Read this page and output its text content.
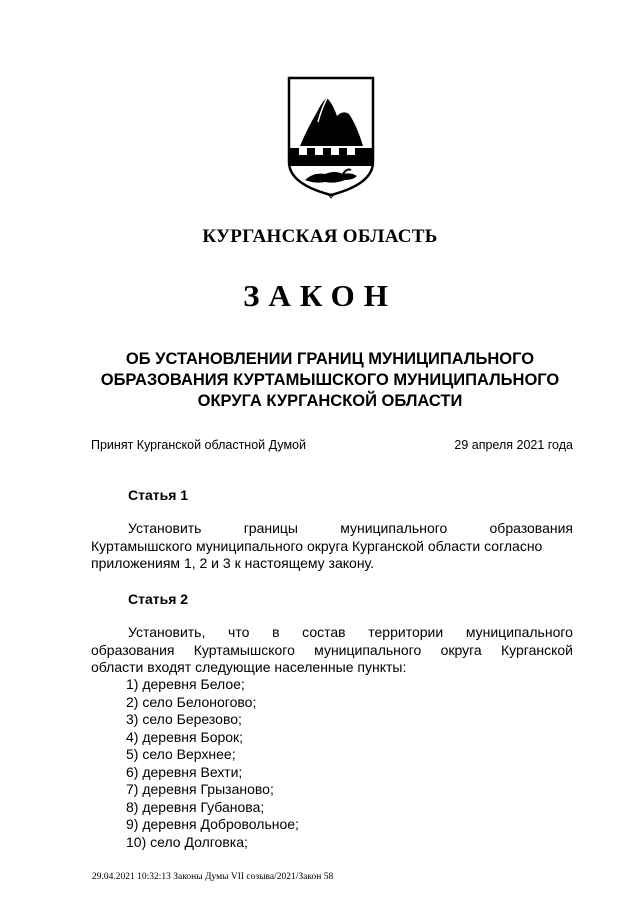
КУРГАНСКАЯ ОБЛАСТЬ
ЗАКОН
ОБ УСТАНОВЛЕНИИ ГРАНИЦ МУНИЦИПАЛЬНОГО
ОБРАЗОВАНИЯ КУРТАМЫШСКОГО МУНИЦИПАЛЬНОГО
ОКРУГА КУРГАНСКОЙ ОБЛАСТИ
Принят Курганской областной Думой	29 апреля 2021 года
Статья 1
Установить	границы	муниципального	образования
Куртамышского муниципального округа Курганской области согласно
приложениям 1, 2 и 3 к настоящему закону.
Статья 2
Установить, что в состав территории муниципального
образования Куртамышского муниципального округа Курганской
области входят следующие населенные пункты:
1) деревня Белое;
2) село Белоногово;
3) село Березово;
4) деревня Борок;
5) село Верхнее;
6) деревня Вехти;
7) деревня Грызаново;
8) деревня Губанова;
9) деревня Добровольное;
10) село Долговка;
29.04.2021 10:32:13 Законы Думы VII созыва/2021/Закон 58
